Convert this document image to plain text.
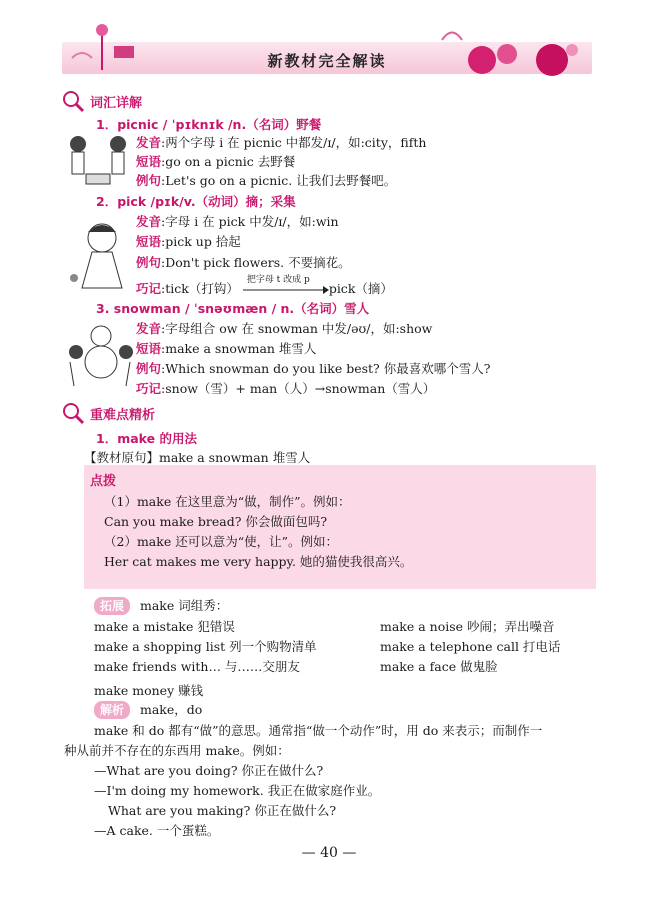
新教材完全解读
词汇详解
1．picnic / ˈpɪknɪk /n.（名词）野餐
发音:两个字母 i 在 picnic 中都发/ɪ/，如:city，fifth
短语:go on a picnic 去野餐
例句:Let's go on a picnic. 让我们去野餐吧。
2．pick /pɪk/v.（动词）摘；采集
发音:字母 i 在 pick 中发/ɪ/，如:win
短语:pick up 拾起
例句:Don't pick flowers. 不要摘花。
巧记:tick（打钩）
把字母 t 改成 p
pick（摘）
3. snowman / ˈsnəʊmæn / n.（名词）雪人
发音:字母组合 ow 在 snowman 中发/əʊ/，如:show
短语:make a snowman 堆雪人
例句:Which snowman do you like best? 你最喜欢哪个雪人?
巧记:snow（雪）+ man（人）→snowman（雪人）
重难点精析
1．make 的用法
【教材原句】make a snowman 堆雪人
点拨
（1）make 在这里意为“做，制作”。例如：
Can you make bread? 你会做面包吗?
（2）make 还可以意为“使，让”。例如：
Her cat makes me very happy. 她的猫使我很高兴。
拓展 make 词组秀：
make a mistake 犯错误
make a shopping list 列一个购物清单
make friends with… 与……交朋友
make a noise 吵闹；弄出噪音
make a telephone call 打电话
make a face 做鬼脸
make money 赚钱
解析 make，do
make 和 do 都有“做”的意思。通常指“做一个动作”时，用 do 来表示；而制作一
种从前并不存在的东西用 make。例如：
—What are you doing? 你正在做什么?
—I'm doing my homework. 我正在做家庭作业。
What are you making? 你正在做什么?
—A cake. 一个蛋糕。
— 40 —
